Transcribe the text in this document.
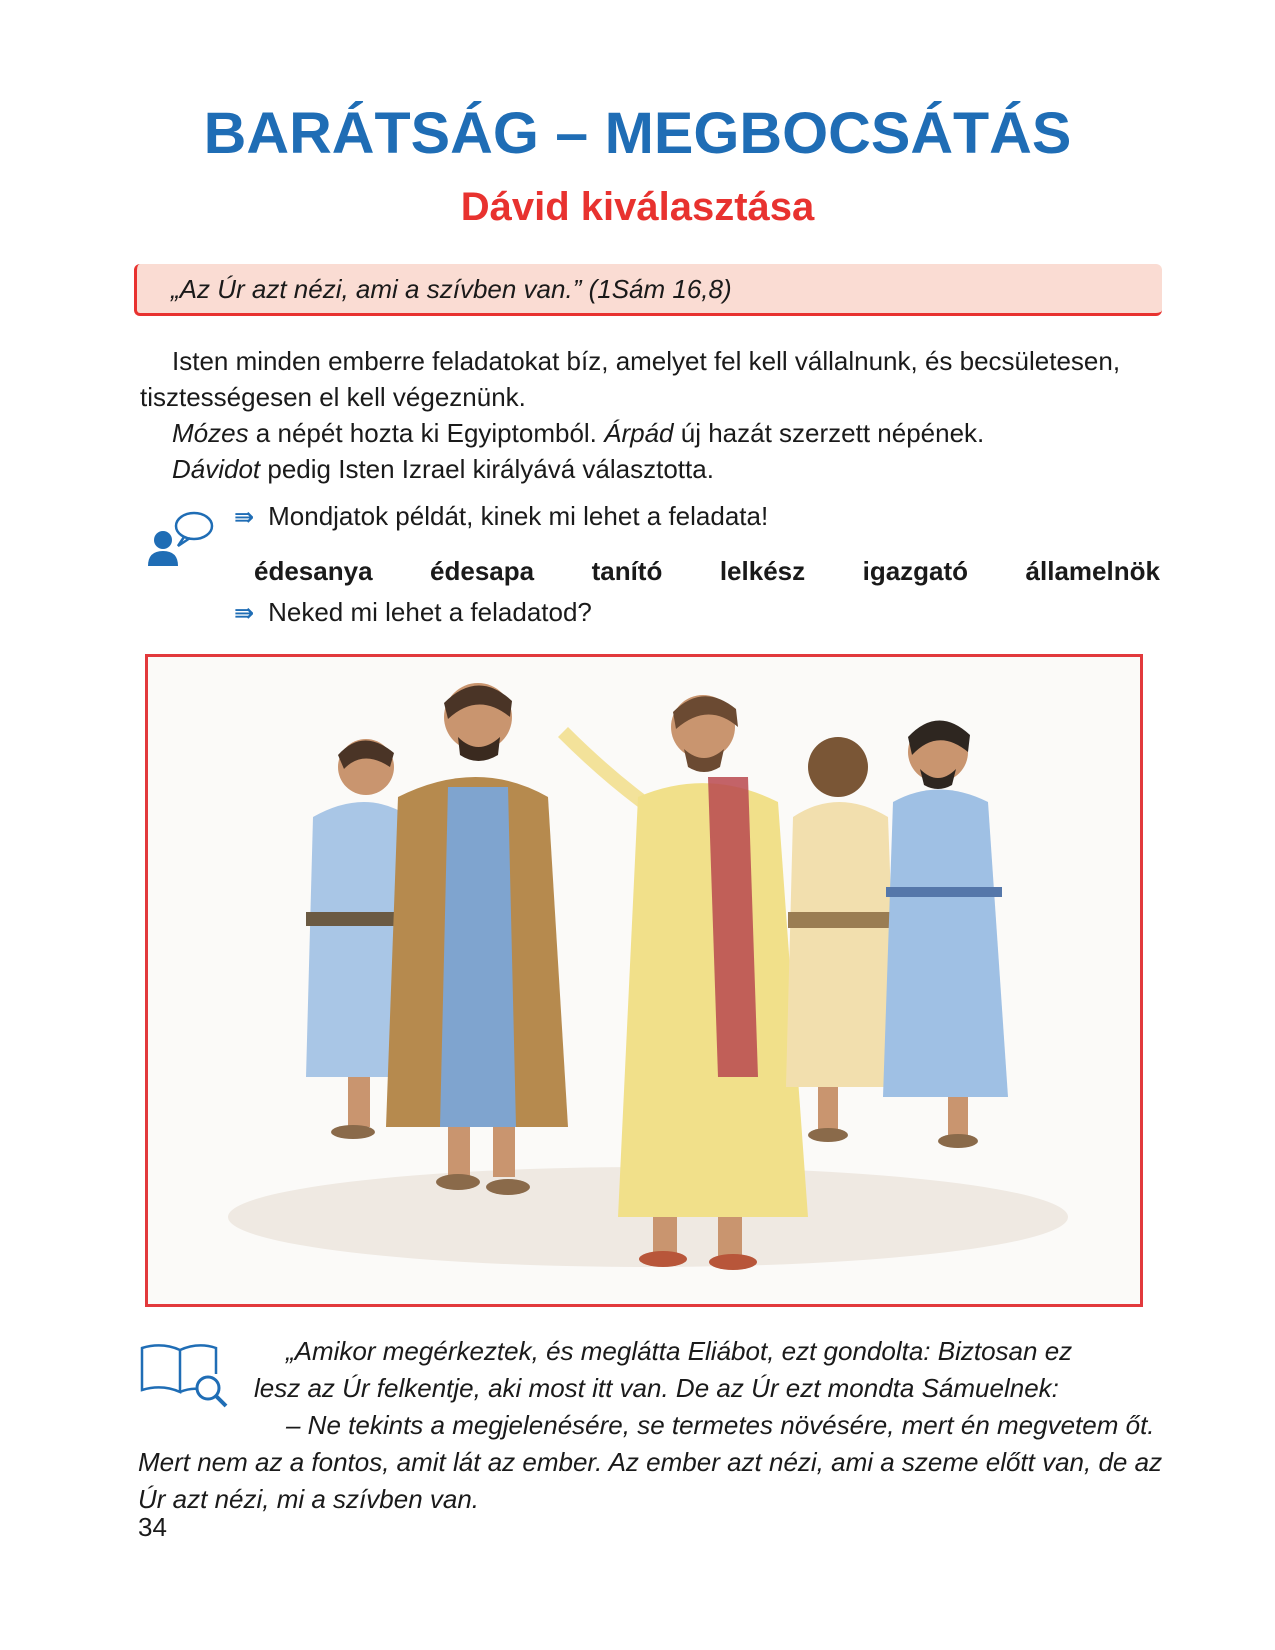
BARÁTSÁG – MEGBOCSÁTÁS
Dávid kiválasztása
„Az Úr azt nézi, ami a szívben van.” (1Sám 16,8)

Isten minden emberre feladatokat bíz, amelyet fel kell vállalnunk, és becsületesen, tisztességesen el kell végeznünk.

Mózes a népét hozta ki Egyiptomból. Árpád új hazát szerzett népének.

Dávidot pedig Isten Izrael királyává választotta.

⇛ Mondjatok példát, kinek mi lehet a feladata!
édesanya édesapa tanító lelkész igazgató államelnök
⇛ Neked mi lehet a feladatod?

„Amikor megérkeztek, és meglátta Eliábot, ezt gondolta: Biztosan ez

lesz az Úr felkentje, aki most itt van. De az Úr ezt mondta Sámuelnek:

– Ne tekints a megjelenésére, se termetes növésére, mert én megvetem őt. Mert nem az a fontos, amit lát az ember. Az ember azt nézi, ami a szeme előtt van, de az Úr azt nézi, mi a szívben van.

34
